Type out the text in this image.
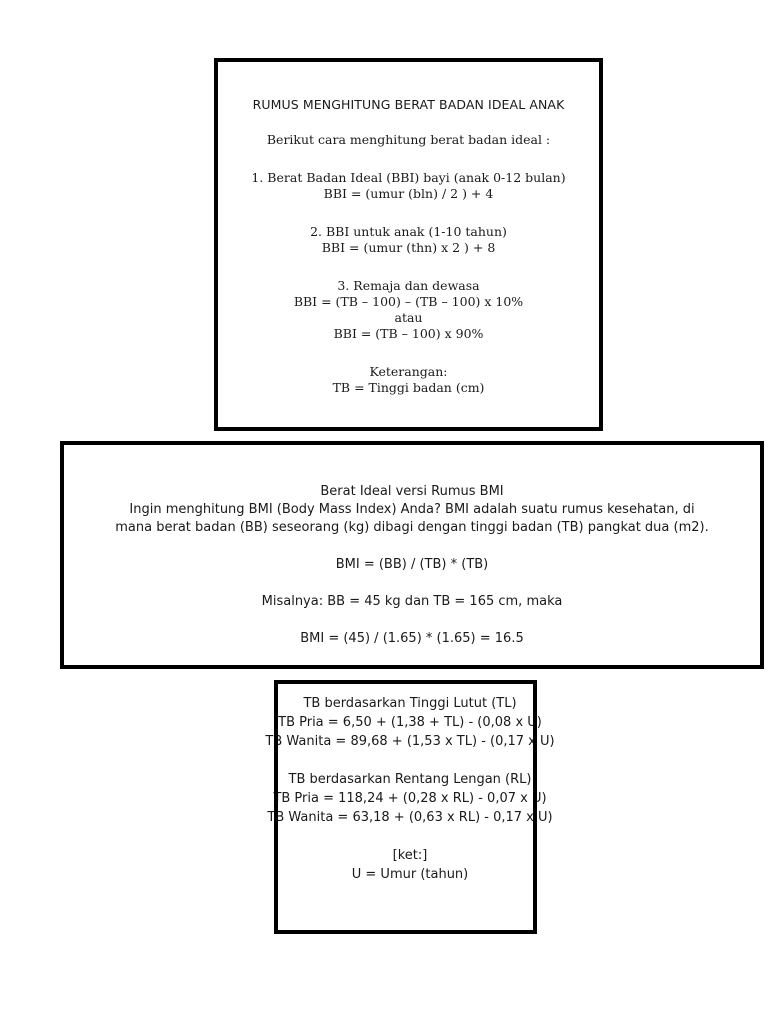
RUMUS MENGHITUNG BERAT BADAN IDEAL ANAK
Berikut cara menghitung berat badan ideal :
1. Berat Badan Ideal (BBI) bayi (anak 0-12 bulan)
BBI = (umur (bln) / 2 ) + 4
2. BBI untuk anak (1-10 tahun)
BBI = (umur (thn) x 2 ) + 8
3. Remaja dan dewasa
BBI = (TB – 100) – (TB – 100) x 10%
atau
BBI = (TB – 100) x 90%
Keterangan:
TB = Tinggi badan (cm)
Berat Ideal versi Rumus BMI
Ingin menghitung BMI (Body Mass Index) Anda? BMI adalah suatu rumus kesehatan, di
mana berat badan (BB) seseorang (kg) dibagi dengan tinggi badan (TB) pangkat dua (m2).
BMI = (BB) / (TB) * (TB)
Misalnya: BB = 45 kg dan TB = 165 cm, maka
BMI = (45) / (1.65) * (1.65) = 16.5
TB berdasarkan Tinggi Lutut (TL)
TB Pria = 6,50 + (1,38 + TL) - (0,08 x U)
TB Wanita = 89,68 + (1,53 x TL) - (0,17 x U)
TB berdasarkan Rentang Lengan (RL)
TB Pria = 118,24 + (0,28 x RL) - 0,07 x U)
TB Wanita = 63,18 + (0,63 x RL) - 0,17 x U)
[ket:]
U = Umur (tahun)
